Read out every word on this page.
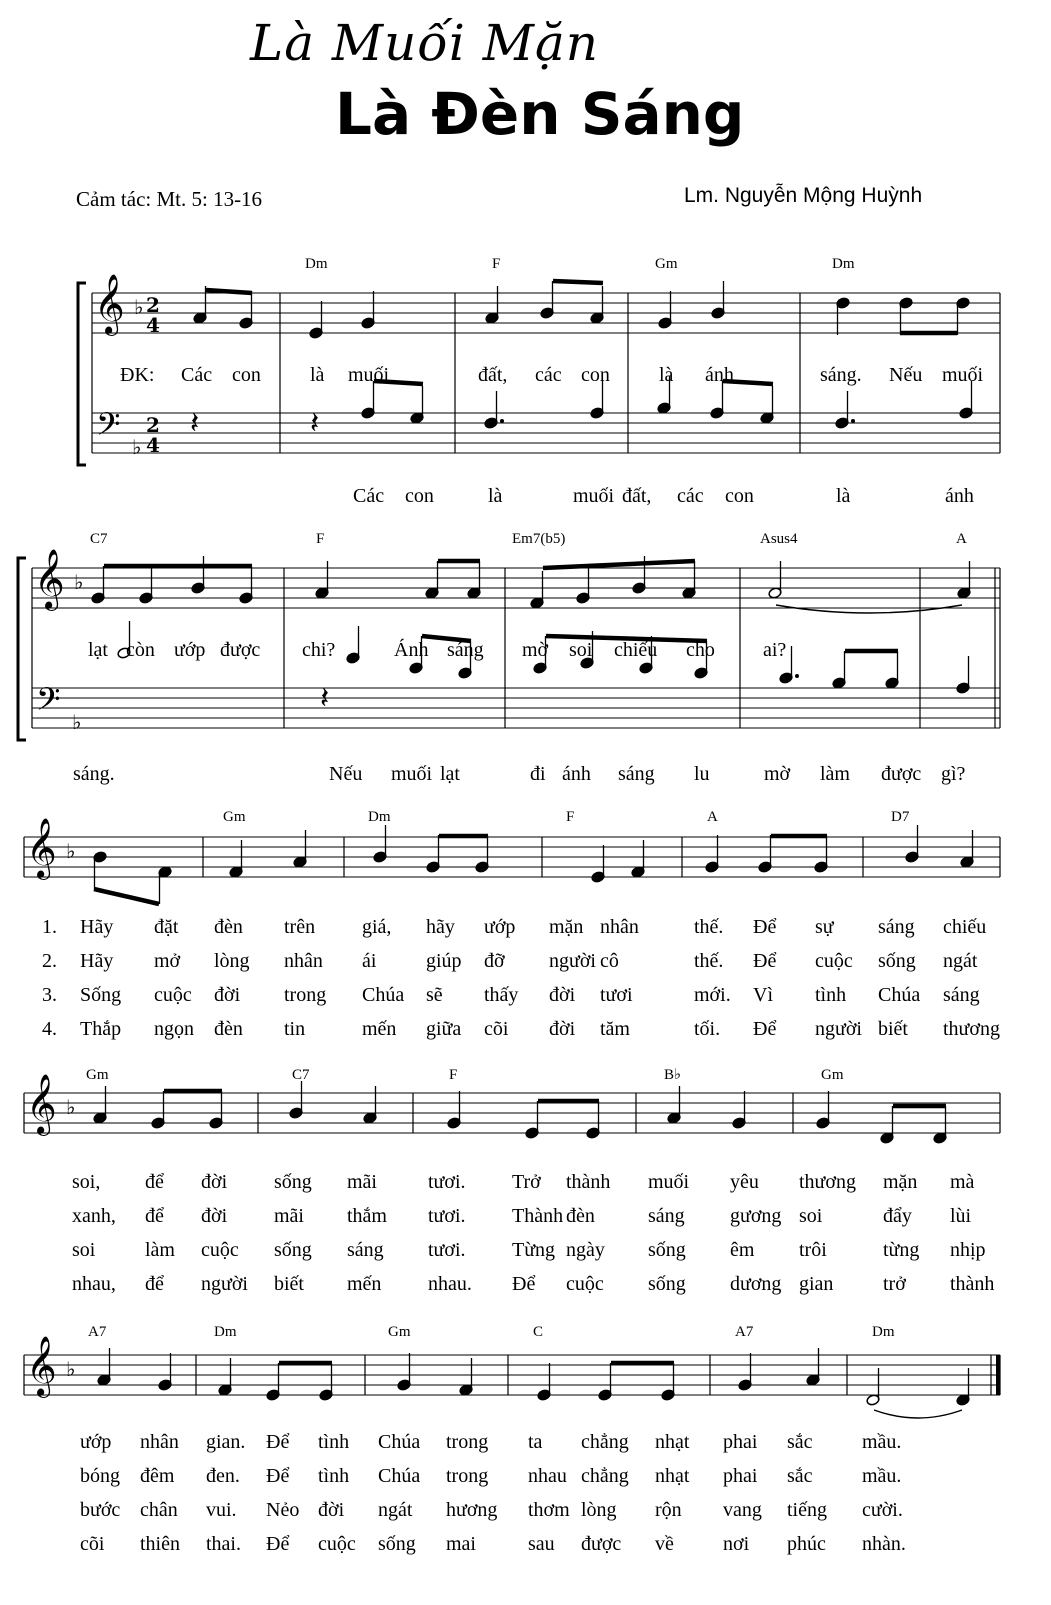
Là Muối Mặn
Là Đèn Sáng
Cảm tác: Mt. 5: 13-16	Lm. Nguyễn Mộng Huỳnh
𝄞 ♭ 2
4
𝄢 ♭
2
4
Dm	F	Gm	Dm
𝄽	𝄽
ĐK: Các con là muối	đất, các con là ánh	sáng. Nếu muối
Các con	là	muối đất, các con	là	ánh
𝄞 ♭
𝄢 ♭
C7	F	Em7(b5)	Asus4	A
𝄽
lạt còn ướp được chi?	Ánh sáng mờ soi chiếu cho ai?
sáng.	Nếu muối lạt	đi ánh sáng lu	mờ làm được gì?
𝄞 ♭
Gm	Dm	F	A	D7
1. Hãy đặt đèn trên giá, hãy ướp mặn nhân	thế. Để sự sáng chiếu
2. Hãy mở lòng nhân ái giúp đỡ người cô	thế. Để cuộc sống ngát
3. Sống cuộc đời trong Chúa sẽ thấy đời tươi	mới. Vì tình Chúa sáng
4. Thắp ngọn đèn tin	mến giữa cõi đời tăm	tối. Để người biết thương
𝄞 ♭
Gm	C7	F	B♭	Gm
soi, để đời sống mãi	tươi. Trở thành muối yêu thương mặn mà
xanh, để đời mãi thắm tươi. Thành đèn	sáng gương soi	đẩy lùi
soi làm cuộc sống sáng tươi. Từng ngày sống êm trôi	từng nhịp
nhau, để người biết mến nhau. Để cuộc sống dương gian trở thành
𝄞 ♭
A7	Dm	Gm	C	A7	Dm
ướp nhân gian. Để tình Chúa trong ta chẳng nhạt phai sắc mầu.
bóng đêm đen. Để tình Chúa trong nhau chẳng nhạt phai sắc mầu.
bước chân vui. Nẻo đời ngát hương thơm lòng rộn vang tiếng cười.
cõi thiên thai. Để cuộc sống mai	sau được về nơi phúc nhàn.
